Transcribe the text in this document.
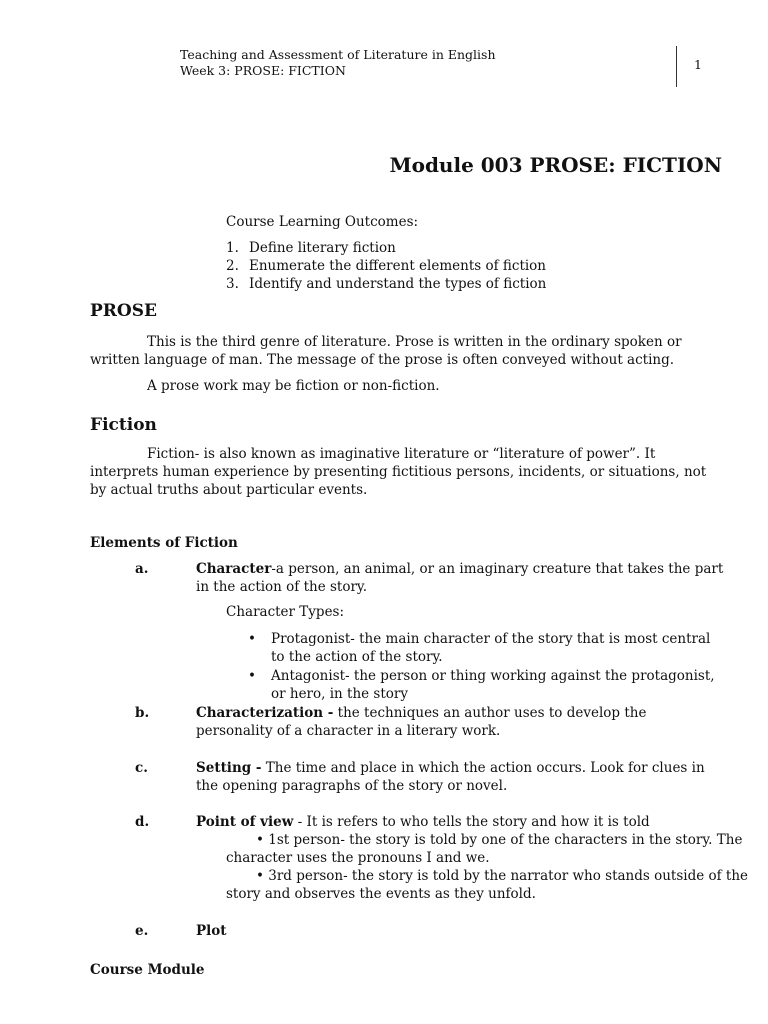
Teaching and Assessment of Literature in English
Week 3: PROSE: FICTION	1
Module 003 PROSE: FICTION
Course Learning Outcomes:
1. Define literary fiction
2. Enumerate the different elements of fiction
3. Identify and understand the types of fiction
PROSE
This is the third genre of literature. Prose is written in the ordinary spoken or written language of man. The message of the prose is often conveyed without acting.
A prose work may be fiction or non-fiction.
Fiction
Fiction- is also known as imaginative literature or “literature of power”. It interprets human experience by presenting fictitious persons, incidents, or situations, not by actual truths about particular events.
Elements of Fiction
a.	Character-a person, an animal, or an imaginary creature that takes the part in the action of the story.
Character Types:
• Protagonist- the main character of the story that is most central to the action of the story.
• Antagonist- the person or thing working against the protagonist, or hero, in the story
b.	Characterization - the techniques an author uses to develop the personality of a character in a literary work.
c.	Setting - The time and place in which the action occurs. Look for clues in the opening paragraphs of the story or novel.
d.	Point of view - It is refers to who tells the story and how it is told
• 1st person- the story is told by one of the characters in the story. The
character uses the pronouns I and we.
• 3rd person- the story is told by the narrator who stands outside of the
story and observes the events as they unfold.
e.	Plot
Course Module
